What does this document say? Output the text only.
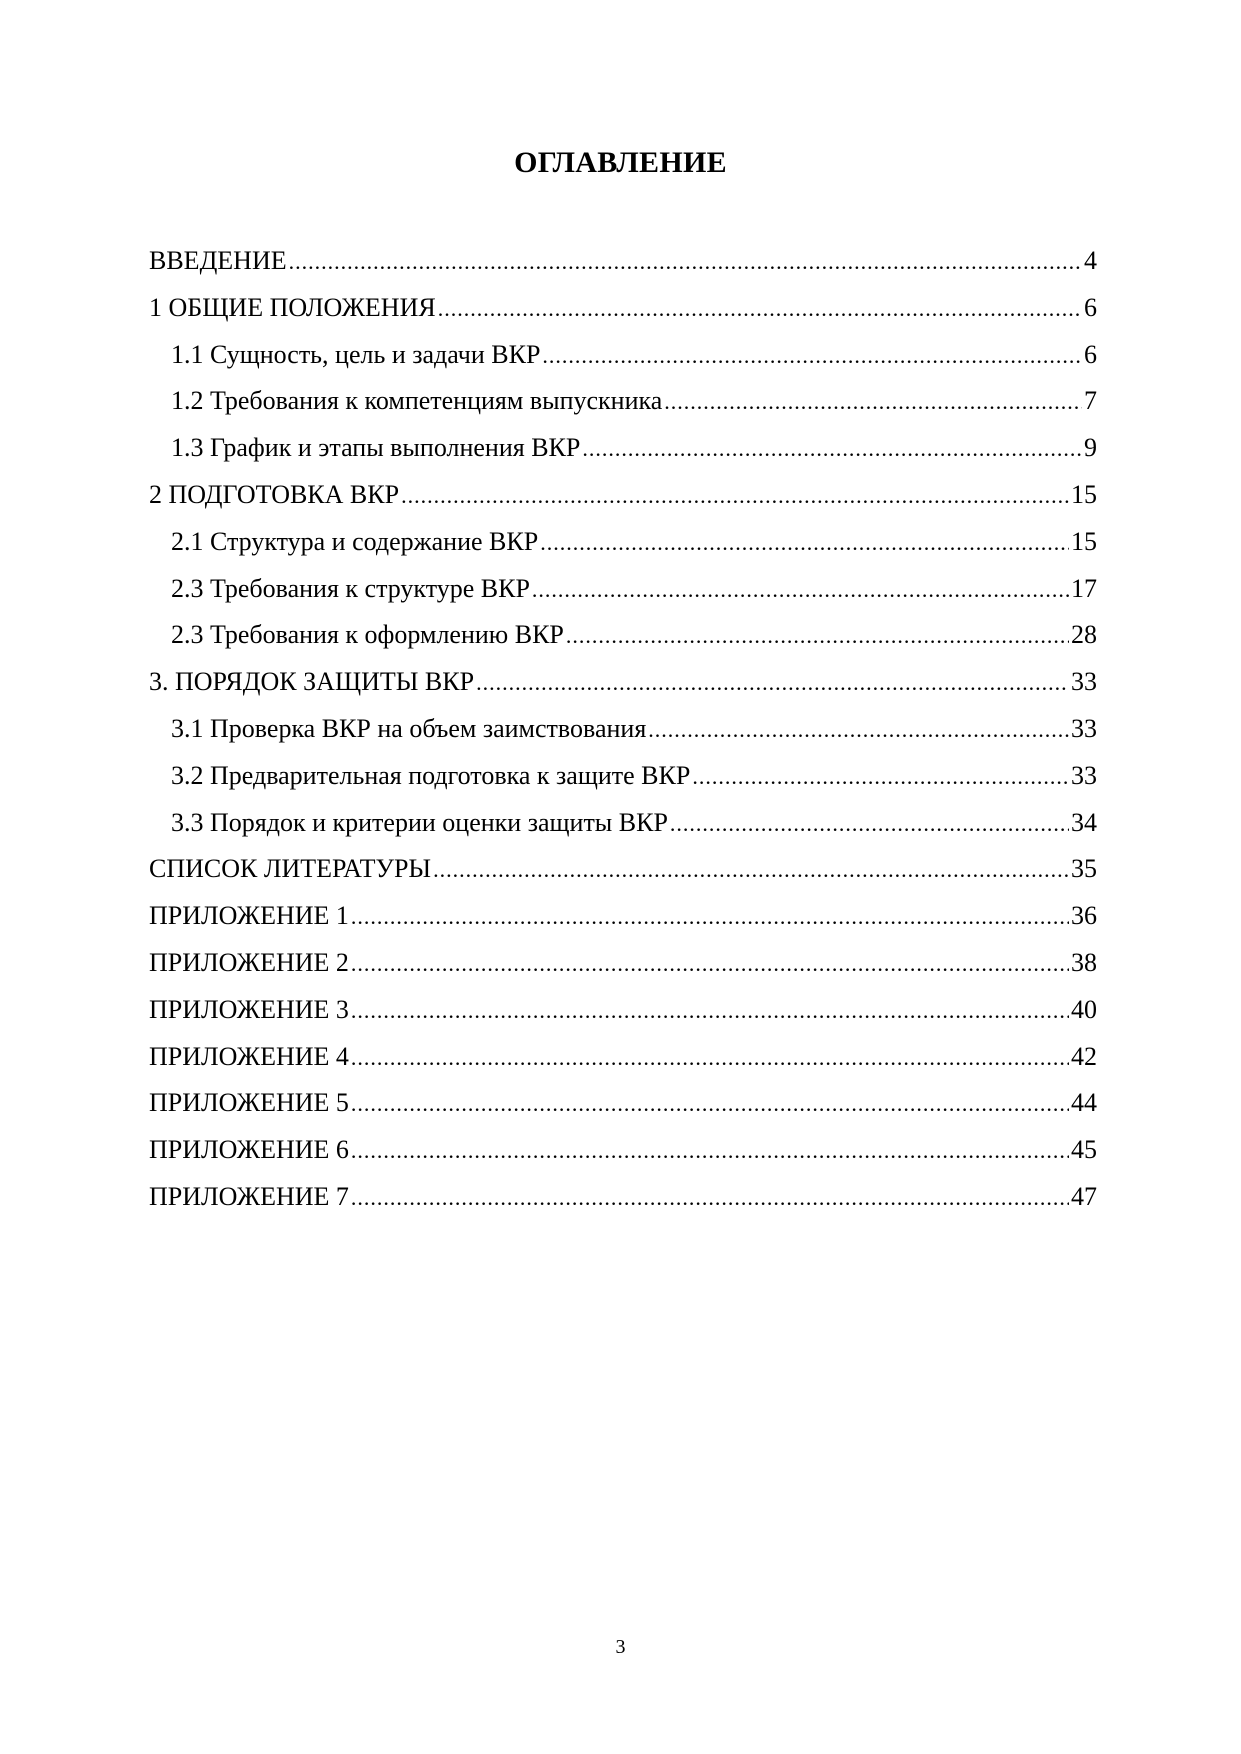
ОГЛАВЛЕНИЕ
ВВЕДЕНИЕ .....	4
1 ОБЩИЕ ПОЛОЖЕНИЯ .....	6
1.1 Сущность, цель и задачи ВКР .....	6
1.2 Требования к компетенциям выпускника .....	7
1.3 График и этапы выполнения ВКР .....	9
2 ПОДГОТОВКА ВКР .....	15
2.1 Структура и содержание ВКР .....	15
2.3 Требования к структуре ВКР .....	17
2.3 Требования к оформлению ВКР .....	28
3. ПОРЯДОК ЗАЩИТЫ ВКР .....	33
3.1 Проверка ВКР на объем заимствования .....	33
3.2 Предварительная подготовка к защите ВКР .....	33
3.3 Порядок и критерии оценки защиты ВКР .....	34
СПИСОК ЛИТЕРАТУРЫ .....	35
ПРИЛОЖЕНИЕ 1 .....	36
ПРИЛОЖЕНИЕ 2 .....	38
ПРИЛОЖЕНИЕ 3 .....	40
ПРИЛОЖЕНИЕ 4 .....	42
ПРИЛОЖЕНИЕ 5 .....	44
ПРИЛОЖЕНИЕ 6 .....	45
ПРИЛОЖЕНИЕ 7 .....	47

3
